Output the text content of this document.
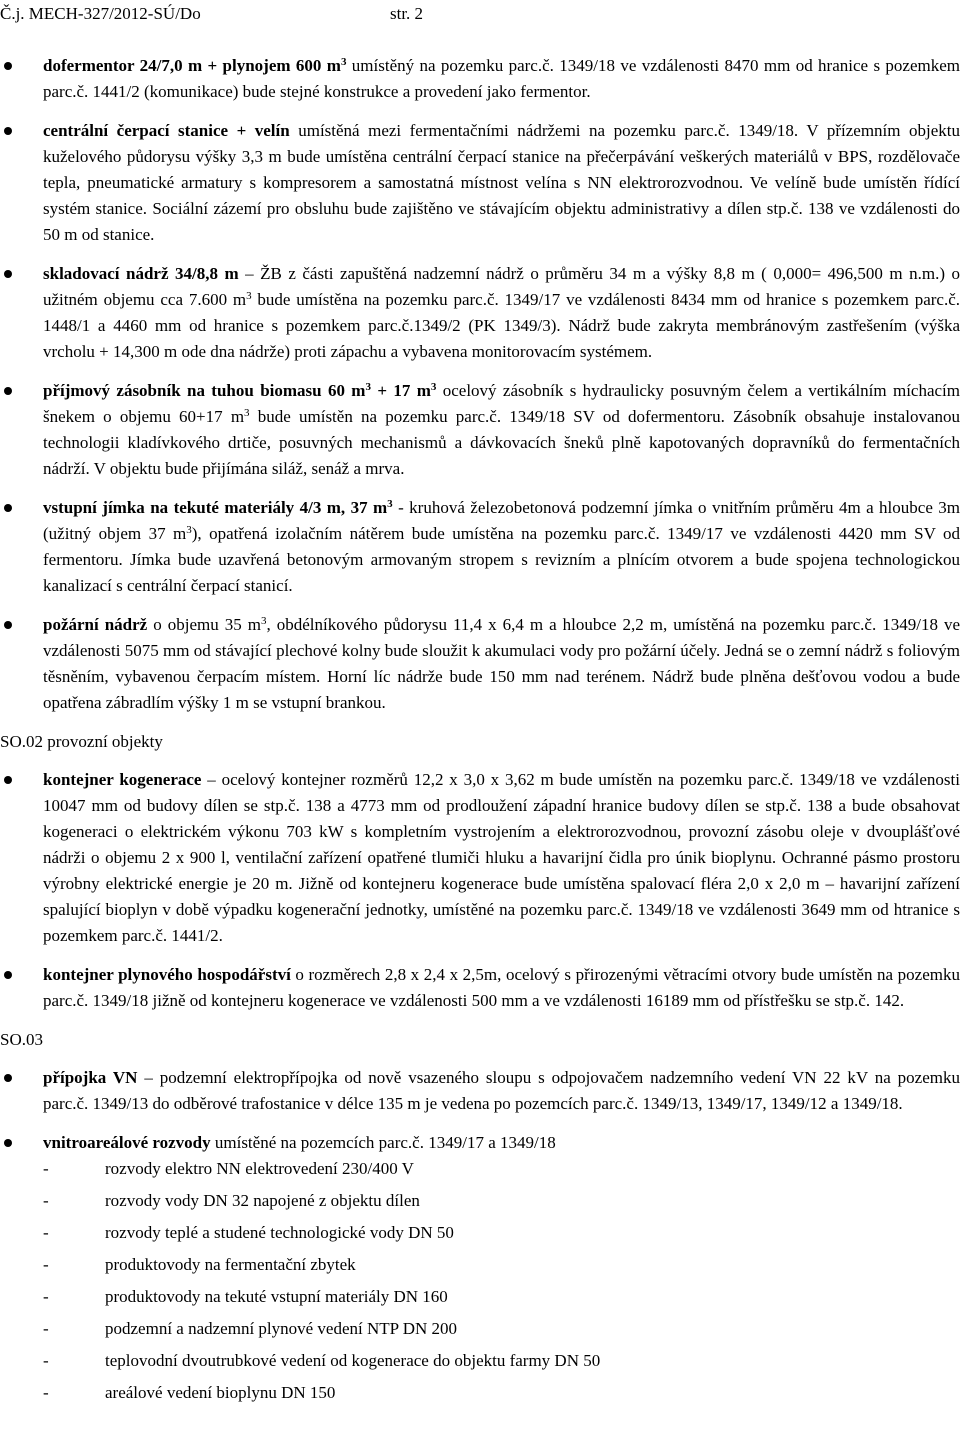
Č.j. MECH-327/2012-SÚ/Do	str. 2

dofermentor 24/7,0 m + plynojem 600 $m^3$ umístěný na pozemku parc.č. 1349/18 ve vzdálenosti 8470 mm od hranice s pozemkem parc.č. 1441/2 (komunikace) bude stejné konstrukce a provedení jako fermentor.

centrální čerpací stanice + velín umístěná mezi fermentačními nádržemi na pozemku parc.č. 1349/18. V přízemním objektu kuželového půdorysu výšky 3,3 m bude umístěna centrální čerpací stanice na přečerpávání veškerých materiálů v BPS, rozdělovače tepla, pneumatické armatury s kompresorem a samostatná místnost velína s NN elektrorozvodnou. Ve velíně bude umístěn řídící systém stanice. Sociální zázemí pro obsluhu bude zajištěno ve stávajícím objektu administrativy a dílen stp.č. 138 ve vzdálenosti do 50 m od stanice.

skladovací nádrž 34/8,8 m – ŽB z části zapuštěná nadzemní nádrž o průměru 34 m a výšky 8,8 m ( 0,000= 496,500 m n.m.) o užitném objemu cca 7.600 $m^3$ bude umístěna na pozemku parc.č. 1349/17 ve vzdálenosti 8434 mm od hranice s pozemkem parc.č. 1448/1 a 4460 mm od hranice s pozemkem parc.č.1349/2 (PK 1349/3). Nádrž bude zakryta membránovým zastřešením (výška vrcholu + 14,300 m ode dna nádrže) proti zápachu a vybavena monitorovacím systémem.

příjmový zásobník na tuhou biomasu 60 $m^3 + 17$ $m^3$ ocelový zásobník s hydraulicky posuvným čelem a vertikálním míchacím šnekem o objemu 60+17 $m^3$ bude umístěn na pozemku parc.č. 1349/18 SV od dofermentoru. Zásobník obsahuje instalovanou technologii kladívkového drtiče, posuvných mechanismů a dávkovacích šneků plně kapotovaných dopravníků do fermentačních nádrží. V objektu bude přijímána siláž, senáž a mrva.

vstupní jímka na tekuté materiály 4/3 m, 37 $m^3$ - kruhová železobetonová podzemní jímka o vnitřním průměru 4m a hloubce 3m (užitný objem 37 $m^3$), opatřená izolačním nátěrem bude umístěna na pozemku parc.č. 1349/17 ve vzdálenosti 4420 mm SV od fermentoru. Jímka bude uzavřená betonovým armovaným stropem s revizním a plnícím otvorem a bude spojena technologickou kanalizací s centrální čerpací stanicí.

požární nádrž o objemu 35 $m^3$, obdélníkového půdorysu 11,4 x 6,4 m a hloubce 2,2 m, umístěná na pozemku parc.č. 1349/18 ve vzdálenosti 5075 mm od stávající plechové kolny bude sloužit k akumulaci vody pro požární účely. Jedná se o zemní nádrž s foliovým těsněním, vybavenou čerpacím místem. Horní líc nádrže bude 150 mm nad terénem. Nádrž bude plněna dešťovou vodou a bude opatřena zábradlím výšky 1 m se vstupní brankou.

SO.02 provozní objekty

kontejner kogenerace – ocelový kontejner rozměrů 12,2 x 3,0 x 3,62 m bude umístěn na pozemku parc.č. 1349/18 ve vzdálenosti 10047 mm od budovy dílen se stp.č. 138 a 4773 mm od prodloužení západní hranice budovy dílen se stp.č. 138 a bude obsahovat kogeneraci o elektrickém výkonu 703 kW s kompletním vystrojením a elektrorozvodnou, provozní zásobu oleje v dvouplášťové nádrži o objemu 2 x 900 l, ventilační zařízení opatřené tlumiči hluku a havarijní čidla pro únik bioplynu. Ochranné pásmo prostoru výrobny elektrické energie je 20 m. Jižně od kontejneru kogenerace bude umístěna spalovací fléra 2,0 x 2,0 m – havarijní zařízení spalující bioplyn v době výpadku kogenerační jednotky, umístěné na pozemku parc.č. 1349/18 ve vzdálenosti 3649 mm od htranice s pozemkem parc.č. 1441/2.

kontejner plynového hospodářství o rozměrech 2,8 x 2,4 x 2,5m, ocelový s přirozenými větracími otvory bude umístěn na pozemku parc.č. 1349/18 jižně od kontejneru kogenerace ve vzdálenosti 500 mm a ve vzdálenosti 16189 mm od přístřešku se stp.č. 142.

SO.03

přípojka VN – podzemní elektropřípojka od nově vsazeného sloupu s odpojovačem nadzemního vedení VN 22 kV na pozemku parc.č. 1349/13 do odběrové trafostanice v délce 135 m je vedena po pozemcích parc.č. 1349/13, 1349/17, 1349/12 a 1349/18.

vnitroareálové rozvody umístěné na pozemcích parc.č. 1349/17 a 1349/18

-	rozvody elektro NN elektrovedení 230/400 V
-	rozvody vody DN 32 napojené z objektu dílen
-	rozvody teplé a studené technologické vody DN 50
-	produktovody na fermentační zbytek
-	produktovody na tekuté vstupní materiály DN 160
-	podzemní a nadzemní plynové vedení NTP DN 200
-	teplovodní dvoutrubkové vedení od kogenerace do objektu farmy DN 50
-	areálové vedení bioplynu DN 150
